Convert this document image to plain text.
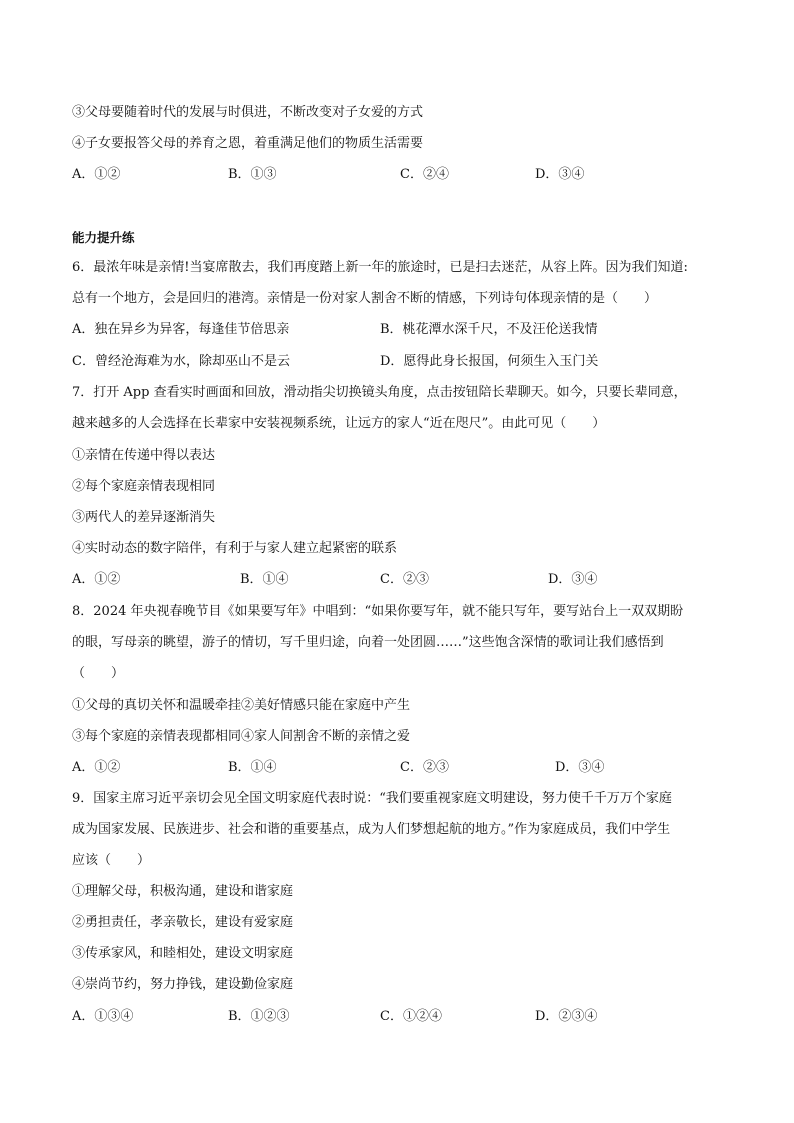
③父母要随着时代的发展与时俱进，不断改变对子女爱的方式
④子女要报答父母的养育之恩，着重满足他们的物质生活需要
A．①②	B．①③	C．②④	D．③④
能力提升练
6．最浓年味是亲情!当宴席散去，我们再度踏上新一年的旅途时，已是扫去迷茫，从容上阵。因为我们知道:
总有一个地方，会是回归的港湾。亲情是一份对家人割舍不断的情感，下列诗句体现亲情的是（　　）
A．独在异乡为异客，每逢佳节倍思亲	B．桃花潭水深千尺，不及汪伦送我情
C．曾经沧海难为水，除却巫山不是云	D．愿得此身长报国，何须生入玉门关
7．打开 App 查看实时画面和回放，滑动指尖切换镜头角度，点击按钮陪长辈聊天。如今，只要长辈同意，
越来越多的人会选择在长辈家中安装视频系统，让远方的家人“近在咫尺”。由此可见（　　）
①亲情在传递中得以表达
②每个家庭亲情表现相同
③两代人的差异逐渐消失
④实时动态的数字陪伴，有利于与家人建立起紧密的联系
A．①②	B．①④	C．②③	D．③④
8．2024 年央视春晚节目《如果要写年》中唱到：“如果你要写年，就不能只写年，要写站台上一双双期盼
的眼，写母亲的眺望，游子的情切，写千里归途，向着一处团圆……”这些饱含深情的歌词让我们感悟到
（　　）
①父母的真切关怀和温暖牵挂②美好情感只能在家庭中产生
③每个家庭的亲情表现都相同④家人间割舍不断的亲情之爱
A．①②	B．①④	C．②③	D．③④
9．国家主席习近平亲切会见全国文明家庭代表时说：“我们要重视家庭文明建设，努力使千千万万个家庭
成为国家发展、民族进步、社会和谐的重要基点，成为人们梦想起航的地方。”作为家庭成员，我们中学生
应该（　　）
①理解父母，积极沟通，建设和谐家庭
②勇担责任，孝亲敬长，建设有爱家庭
③传承家风，和睦相处，建设文明家庭
④崇尚节约，努力挣钱，建设勤俭家庭
A．①③④	B．①②③	C．①②④	D．②③④
